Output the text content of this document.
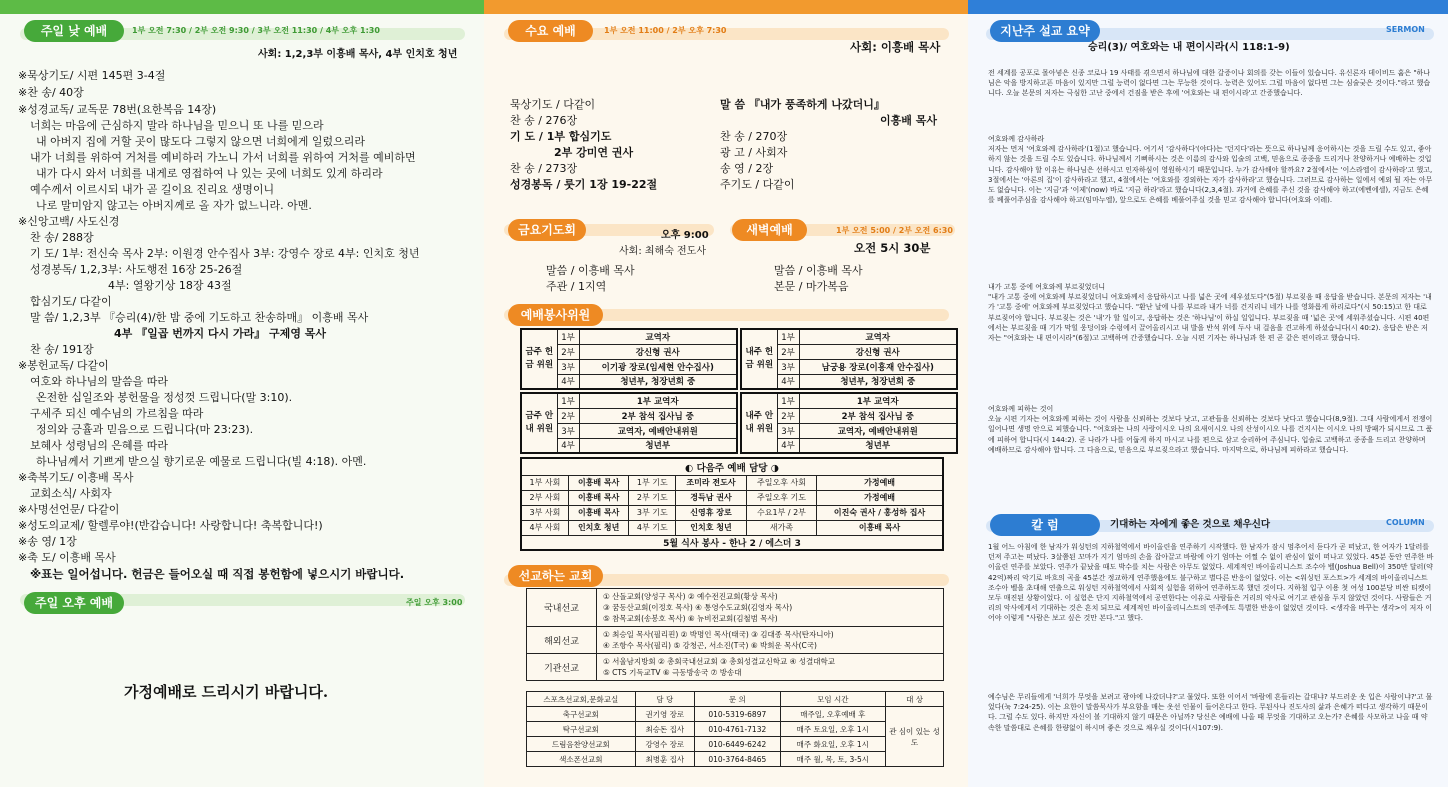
주일 낮 예배	1부 오전 7:30 / 2부 오전 9:30 / 3부 오전 11:30 / 4부 오후 1:30
사회: 1,2,3부 이흥배 목사, 4부 인치호 청년
※묵상기도/ 시편 145편 3-4절
※찬 송/ 40장
※성경교독/ 교독문 78번(요한복음 14장)
너희는 마음에 근심하지 말라 하나님을 믿으니 또 나를 믿으라
내 아버지 집에 거할 곳이 많도다 그렇지 않으면 너희에게 일렀으리라
내가 너희를 위하여 거처를 예비하러 가노니 가서 너희를 위하여 거처를 예비하면
내가 다시 와서 너희를 내게로 영접하여 나 있는 곳에 너희도 있게 하리라
예수께서 이르시되 내가 곧 길이요 진리요 생명이니
나로 말미암지 않고는 아버지께로 올 자가 없느니라. 아멘.
※신앙고백/ 사도신경
찬 송/ 288장
기 도/ 1부: 전신숙 목사 2부: 이원경 안수집사 3부: 강영수 장로 4부: 인치호 청년
성경봉독/ 1,2,3부: 사도행전 16장 25-26절
4부: 열왕기상 18장 43절
합심기도/ 다같이
말 씀/ 1,2,3부 『승리(4)/한 밤 중에 기도하고 찬송하매』 이흥배 목사
4부 『일곱 번까지 다시 가라』 구제영 목사
찬 송/ 191장
※봉헌교독/ 다같이
여호와 하나님의 말씀을 따라
온전한 십일조와 봉헌물을 정성껏 드립니다(말 3:10).
구세주 되신 예수님의 가르침을 따라
정의와 긍휼과 믿음으로 드립니다(마 23:23).
보혜사 성령님의 은혜를 따라
하나님께서 기쁘게 받으실 향기로운 예물로 드립니다(빌 4:18). 아멘.
※축복기도/ 이흥배 목사
교회소식/ 사회자
※사명선언문/ 다같이
※성도의교제/ 할렐루야!(반갑습니다! 사랑합니다! 축복합니다!)
※송 영/ 1장
※축 도/ 이흥배 목사
※표는 일어섭니다. 헌금은 들어오실 때 직접 봉헌함에 넣으시기 바랍니다.
주일 오후 예배	주일 오후 3:00
가정예배로 드리시기 바랍니다.
수요 예배	1부 오전 11:00 / 2부 오후 7:30
사회: 이흥배 목사
묵상기도 / 다같이
찬 송 / 276장
기 도 / 1부 합심기도
2부 강미연 권사
찬 송 / 273장
성경봉독 / 룻기 1장 19-22절
말 씀 『내가 풍족하게 나갔더니』
이흥배 목사
찬 송 / 270장
광 고 / 사회자
송 영 / 2장
주기도 / 다같이
금요기도회	오후 9:00
사회: 최해숙 전도사
말씀 / 이흥배 목사
주관 / 1지역
새벽예배	1부 오전 5:00 / 2부 오전 6:30
오전 5시 30분
말씀 / 이흥배 목사
본문 / 마가복음
예배봉사위원
금주 헌금 위원	1부	교역자
	2부	강신형 권사
	3부	이기광 장로(임세현 안수집사)
	4부	청년부, 청장년회 중
내주 헌금 위원	1부	교역자
	2부	강신형 권사
	3부	남궁용 장로(이흥재 안수집사)
	4부	청년부, 청장년회 중
금주 안내 위원	1부	1부 교역자
	2부	2부 참석 집사님 중
	3부	교역자, 예배안내위원
	4부	청년부
내주 안내 위원	1부	1부 교역자
	2부	2부 참석 집사님 중
	3부	교역자, 예배안내위원
	4부	청년부
◐ 다음주 예배 담당 ◑					
1부 사회	이흥배 목사	1부 기도	조미라 전도사	주일오후 사회	가정예배
2부 사회	이흥배 목사	2부 기도	경득남 권사	주일오후 기도	가정예배
3부 사회	이흥배 목사	3부 기도	신영휴 장로	수요1부 / 2부	이진숙 권사 / 홍성하 집사
4부 사회	인치호 청년	4부 기도	인치호 청년	새가족	이흥배 목사
5월 식사 봉사 - 한나 2 / 에스더 3					
선교하는 교회
국내선교	① 산돌교회(양성구 목사) ② 예수전진교회(황상 목사)
③ 꿈동산교회(이정호 목사) ④ 통영수도교회(김영자 목사)
⑤ 참목교회(송봉호 목사) ⑥ 뉴비전교회(김철범 목사)

해외선교	① 최승일 목사(필리핀) ② 박명인 목사(태국) ③ 김대종 목사(탄자니아)
④ 조항수 목사(필리) ⑤ 강청곤, 서소진(T국) ⑥ 박희운 목사(C국)

기관선교	① 서울남지방회 ② 총회국내선교회 ③ 총회성결교신학교 ④ 성결대학교
⑤ CTS 기독교TV ⑥ 극동방송국 ⑦ 방송대
스포츠선교회,문화교실	담 당	문 의	모임 시간	대 상
축구선교회	권기영 장로	010-5319-6897	매주일, 오후예배 후	관 심이 있는 성도
탁구선교회	최승돈 집사	010-4761-7132	매주 토요일, 오후 1시	
드림음찬양선교회	강영수 장로	010-6449-6242	매주 화요일, 오후 1시	
색소폰선교회	최병훈 집사	010-3764-8465	매주 월, 목, 토, 3-5시	
지난주 설교 요약	SERMON
승리(3)/ 여호와는 내 편이시라(시 118:1-9)

전 세계를 공포로 몰아넣은 신종 코로나 19 사태를 겪으면서 하나님에 대한 갈증이나 회의를 갖는 이들이 있습니다. 유신론자 데이비드 흄은 "하나님은 악을 방지하고픈 마음이 있지만 그럴 능력이 없다면 그는 무능한 것이다. 능력은 있어도 그럴 마음이 없다면 그는 심술궂은 것이다."라고 했습니다. 오늘 본문의 저자는 극심한 고난 중에서 건짐을 받은 후에 '여호와는 내 편이시라'고 간증했습니다.

여호와께 감사하라
저자는 먼저 '여호와께 감사하라'(1절)고 했습니다. 여기서 '감사하다'(야다)는 '던지다'라는 뜻으로 하나님께 응어하시는 것을 드릴 수도 있고, 좋아하지 않는 것을 드릴 수도 있습니다. 하나님께서 기뻐하시는 것은 이름의 감사와 입술의 고백, 믿음으로 종종을 드리거나 찬양하거나 예배하는 것입니다. 감사해야 할 이유는 하나님은 선하시고 인자하심이 영원하시기 때문입니다. 누가 감사해야 할까요? 2절에서는 '이스라엘이 감사하라'고 했고, 3절에서는 '아론의 집'이 감사하라고 했고, 4절에서는 '여호와를 경외하는 자가 감사하라'고 했습니다. 그러므로 감사하는 일에서 예외 될 자는 아무도 없습니다. 이는 '지금'과 '이제'(now) 바로 '지금 하라'라고 했습니다(2,3,4절). 과거에 은혜를 주신 것을 감사해야 하고(에벤에셀), 지금도 은혜를 베풀어주심을 감사해야 하고(임마누엘), 앞으로도 은혜를 베풀어주실 것을 믿고 감사해야 합니다(여호와 이레).

내가 고통 중에 여호와께 부르짖었더니
"내가 고통 중에 여호와께 부르짖었더니 여호와께서 응답하시고 나를 넓은 곳에 세우셨도다"(5절) 부르짖음 때 응답을 받습니다. 본문의 저자는 '내가 '고통 중에' 여호와께 부르짖었다고 했습니다. "환난 날에 나를 부르라 내가 너를 건지리니 네가 나를 영화롭게 하리로다"(시 50:15)고 한 대로 부르짖어야 합니다. 부르짖는 것은 '내'가 할 일이고, 응답하는 것은 '하나님'이 하실 일입니다. 부르짖을 때 '넓은 곳'에 세워주셨습니다. 시편 40편에서는 부르짖을 때 기가 막힐 웅덩이와 수렁에서 끌어올리시고 내 발을 반석 위에 두사 내 걸음을 견고하게 하셨습니다(시 40:2). 응답은 받은 저자는 "여호와는 내 편이시라"(6절)고 고백하며 간증했습니다. 오늘 시편 기자는 하나님과 한 편 곧 같은 편이라고 했습니다.

여호와께 피하는 것이
오늘 시편 기자는 여호와께 피하는 것이 사람을 신뢰하는 것보다 낫고, 고관들을 신뢰하는 것보다 낫다고 했습니다(8,9절). 그대 사람에게서 전쟁이 일어나면 생명 안으로 피했습니다. "여호와는 나의 사랑이시오 나의 요새이시오 나의 산성이시오 나를 건지시는 이시오 나의 방패가 되시므로 그 품에 피하여 합니다(시 144:2). 곧 나라가 나를 어둡게 하지 마시고 나를 편으로 삼고 승리하여 주심니다. 입술로 고백하고 종종을 드리고 찬양하며 예배하므로 감사해야 합니다. 그 다음으로, 믿음으로 부르짖으라고 했습니다. 마지막으로, 하나님께 피하라고 했습니다.

칼 럼	기대하는 자에게 좋은 것으로 채우신다	COLUMN

1월 어느 아침에 한 남자가 워싱턴의 지하철역에서 바이올린을 연주하기 시작했다. 한 남자가 잠시 멈추어서 듣다가 곧 떠났고, 한 여자가 1달러를 던져 주고는 떠났다. 3살쯤된 꼬마가 지기 엄마의 손을 잡아끌고 바람에 아기 엄마는 어쩔 수 없이 관심이 없이 떠나고 있었다. 45분 동안 연주한 바이올린 연주를 보았다. 연주가 끝났을 때도 박수를 치는 사람은 아무도 없었다. 세계적인 바이올리니스트 조수아 벨(Joshua Bell)이 350만 달러(약 42억)짜리 악기로 바흐의 곡을 45분간 정교하게 연주했음에도 불구하고 별다른 반응이 없었다. 이는 <워싱턴 포스트>가 세계의 바이올리니스트 조수아 벨을 초대해 연출으로 워싱턴 지하철역에서 사회적 실험을 위하여 연주하도록 했던 것이다. 지하철 입구 이용 첫 여성 100분당 비싼 티켓이 모두 매진된 상황이었다. 이 실험은 단지 지하철역에서 공연한다는 이유로 사람들은 거리의 악사로 여기고 관심을 두지 않았던 것이다. 사람들은 거리의 악사에게서 기대하는 것은 흔치 되므로 세계적인 바이올리니스트의 연주에도 특별한 반응이 없었던 것이다. <생각을 바꾸는 생각>이 저자 이어야 이렇게 "사람은 보고 싶은 것만 본다."고 했다.

예수님은 무리들에게 '너희가 무엇을 보려고 광야에 나갔더냐?'고 물었다. 또한 이어서 '바람에 흔들리는 갈대냐? 부드러운 옷 입은 사람이냐?'고 물었다(눅 7:24-25). 이는 요한이 말씀묵사가 부요함을 매는 옷선 인물이 들어온다고 한다. 무된사나 진도사의 삶과 은혜가 떠다고 생각하기 때문이다. 그럴 수도 있다. 하지만 자신이 볼 기대하지 않기 때문은 아닐까? 당신은 예배에 나올 때 무엇을 기대하고 오는가? 은혜를 사모하고 나올 때 약속한 말씀대로 은혜를 한량없이 하시며 좋은 것으로 채우실 것이다(시107:9).
